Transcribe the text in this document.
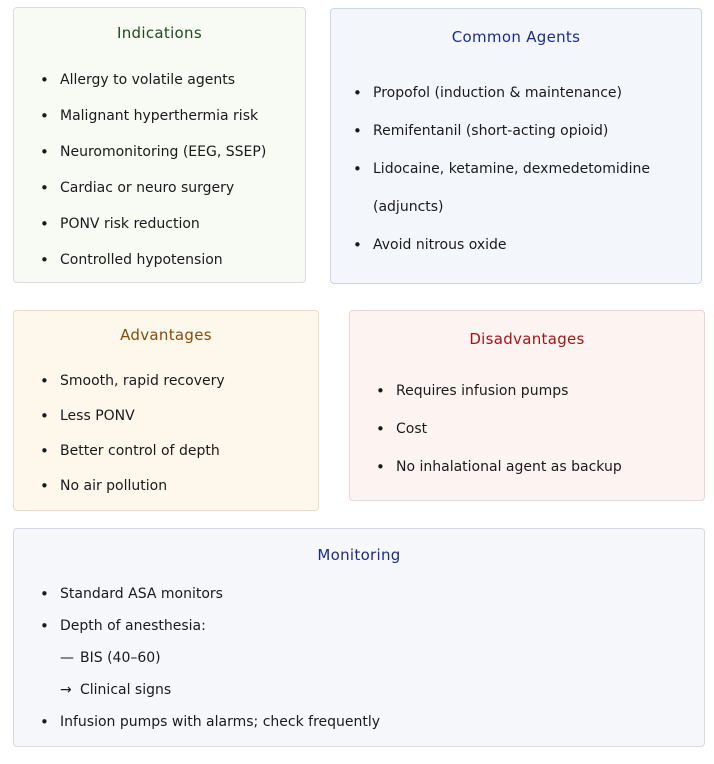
Indications
• Allergy to volatile agents
• Malignant hyperthermia risk
• Neuromonitoring (EEG, SSEP)
• Cardiac or neuro surgery
• PONV risk reduction
• Controlled hypotension
Common Agents
• Propofol (induction & maintenance)
• Remifentanil (short-acting opioid)
• Lidocaine, ketamine, dexmedetomidine (adjuncts)
• Avoid nitrous oxide
Advantages
• Smooth, rapid recovery
• Less PONV
• Better control of depth
• No air pollution
Disadvantages
• Requires infusion pumps
• Cost
• No inhalational agent as backup
Monitoring
• Standard ASA monitors
• Depth of anesthesia:
— BIS (40–60)
→ Clinical signs
• Infusion pumps with alarms; check frequently
